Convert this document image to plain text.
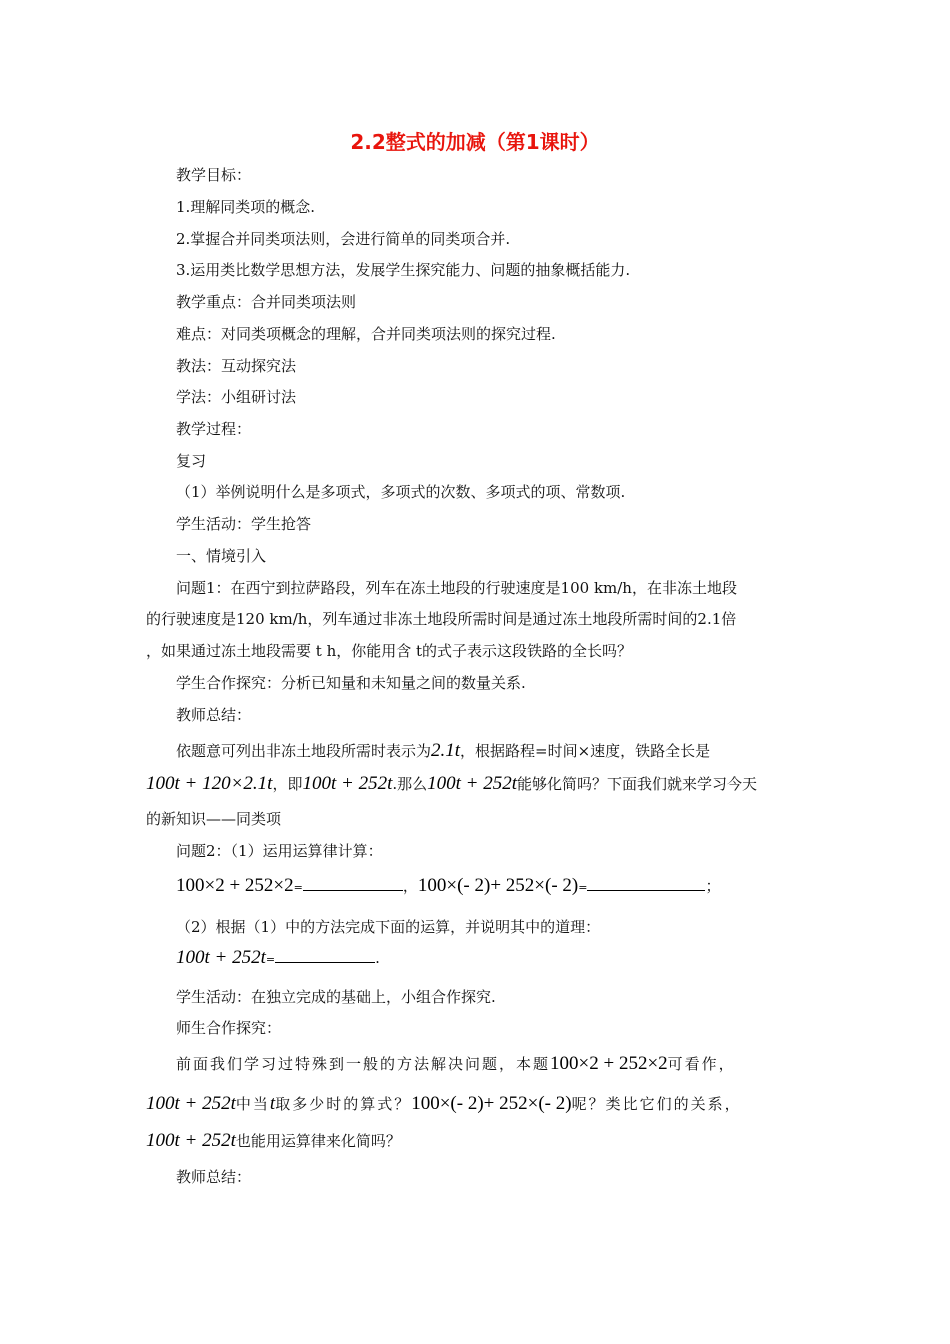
2.2整式的加减（第1课时）
教学目标：
1.理解同类项的概念.
2.掌握合并同类项法则，会进行简单的同类项合并.
3.运用类比数学思想方法，发展学生探究能力、问题的抽象概括能力.
教学重点：合并同类项法则
难点：对同类项概念的理解，合并同类项法则的探究过程.
教法：互动探究法
学法：小组研讨法
教学过程：
复习
（1）举例说明什么是多项式，多项式的次数、多项式的项、常数项.
学生活动：学生抢答
一、情境引入
问题1：在西宁到拉萨路段，列车在冻土地段的行驶速度是100 km/h，在非冻土地段
的行驶速度是120 km/h，列车通过非冻土地段所需时间是通过冻土地段所需时间的2.1倍
，如果通过冻土地段需要 t h，你能用含 t的式子表示这段铁路的全长吗？
学生合作探究：分析已知量和未知量之间的数量关系.
教师总结：
依题意可列出非冻土地段所需时表示为2.1t，根据路程=时间×速度，铁路全长是
100t + 120×2.1t，即100t + 252t.那么100t + 252t能够化简吗？下面我们就来学习今天
的新知识——同类项
问题2：（1）运用运算律计算：
100×2 + 252×2=	，100×(- 2)+ 252×(- 2)=	；
（2）根据（1）中的方法完成下面的运算，并说明其中的道理：
100t + 252t=	.
学生活动：在独立完成的基础上，小组合作探究.
师生合作探究：
前面我们学习过特殊到一般的方法解决问题，本题100×2 + 252×2可看作，
100t + 252t中当t取多少时的算式？100×(- 2)+ 252×(- 2)呢？类比它们的关系，
100t + 252t也能用运算律来化简吗？
教师总结：
